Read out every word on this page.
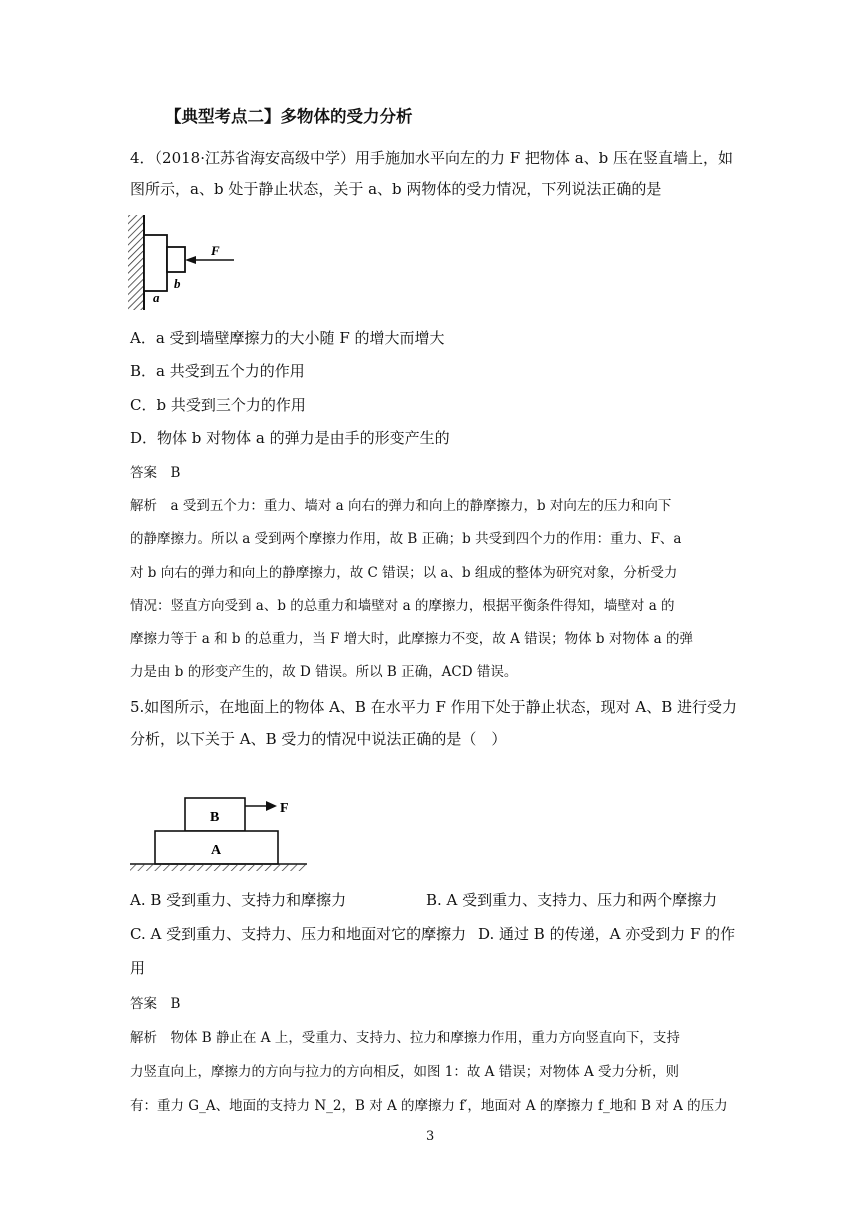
【典型考点二】多物体的受力分析
4．（2018·江苏省海安高级中学）用手施加水平向左的力 F 把物体 a、b 压在竖直墙上，如
图所示，a、b 处于静止状态，关于 a、b 两物体的受力情况，下列说法正确的是
F
a
b
A．a 受到墙壁摩擦力的大小随 F 的增大而增大
B．a 共受到五个力的作用
C．b 共受到三个力的作用
D．物体 b 对物体 a 的弹力是由手的形变产生的
答案　B
解析　a 受到五个力：重力、墙对 a 向右的弹力和向上的静摩擦力，b 对向左的压力和向下
的静摩擦力。所以 a 受到两个摩擦力作用，故 B 正确；b 共受到四个力的作用：重力、F、a
对 b 向右的弹力和向上的静摩擦力，故 C 错误；以 a、b 组成的整体为研究对象，分析受力
情况：竖直方向受到 a、b 的总重力和墙壁对 a 的摩擦力，根据平衡条件得知，墙壁对 a 的
摩擦力等于 a 和 b 的总重力，当 F 增大时，此摩擦力不变，故 A 错误；物体 b 对物体 a 的弹
力是由 b 的形变产生的，故 D 错误。所以 B 正确，ACD 错误。
5.如图所示，在地面上的物体 A、B 在水平力 F 作用下处于静止状态，现对 A、B 进行受力
分析，以下关于 A、B 受力的情况中说法正确的是（　）
F
B
A
A. B 受到重力、支持力和摩擦力	B. A 受到重力、支持力、压力和两个摩擦力
C. A 受到重力、支持力、压力和地面对它的摩擦力 D. 通过 B 的传递，A 亦受到力 F 的作
用
答案　B
解析　物体 B 静止在 A 上，受重力、支持力、拉力和摩擦力作用，重力方向竖直向下，支持
力竖直向上，摩擦力的方向与拉力的方向相反，如图 1：故 A 错误；对物体 A 受力分析，则
有：重力 G_A、地面的支持力 N_2，B 对 A 的摩擦力 f′，地面对 A 的摩擦力 f_地和 B 对 A 的压力
3
